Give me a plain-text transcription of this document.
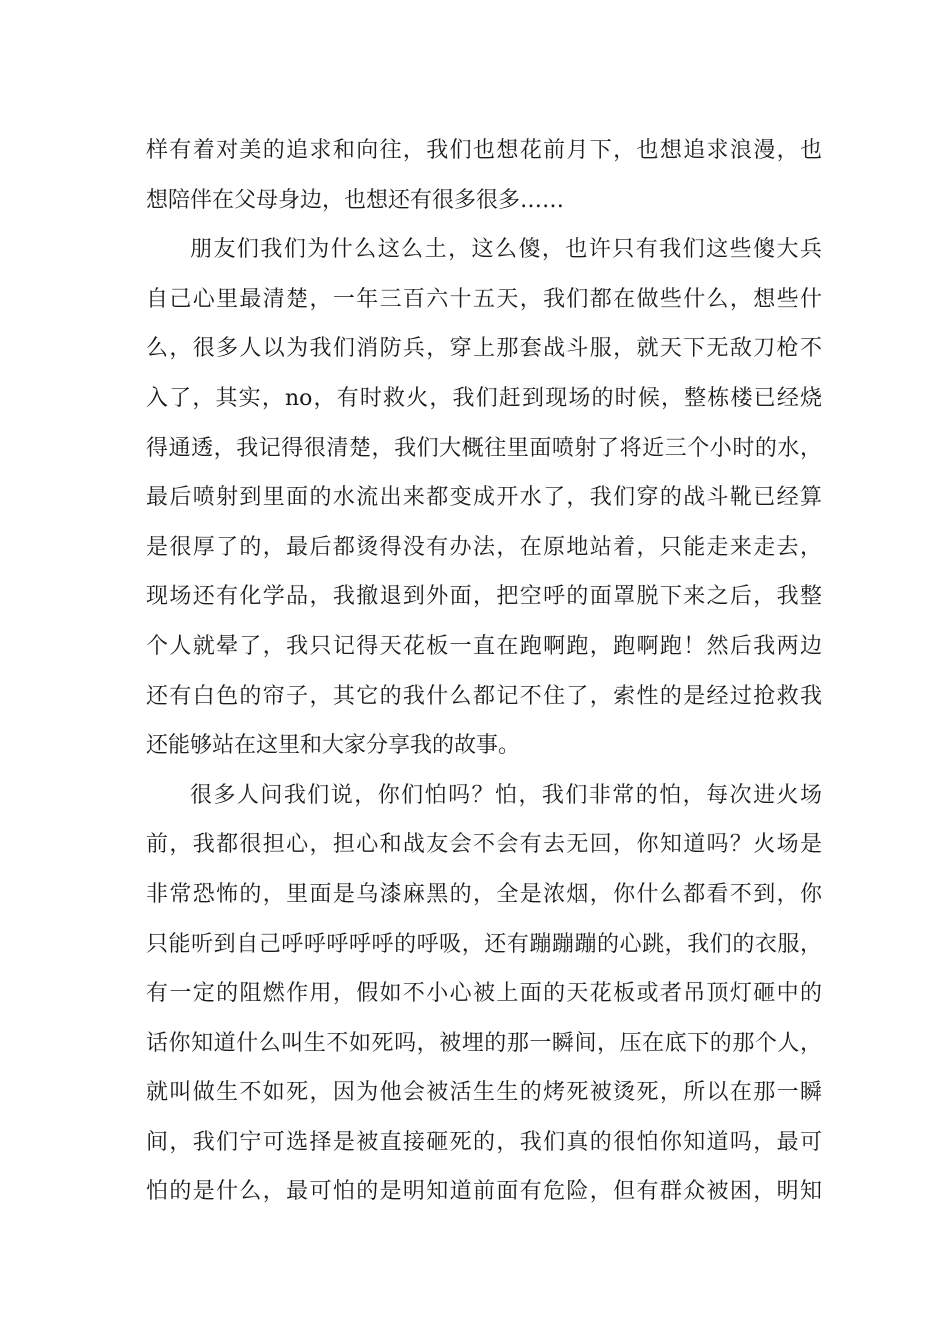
样有着对美的追求和向往，我们也想花前月下，也想追求浪漫，也
想陪伴在父母身边，也想还有很多很多……
朋友们我们为什么这么土，这么傻，也许只有我们这些傻大兵
自己心里最清楚，一年三百六十五天，我们都在做些什么，想些什
么，很多人以为我们消防兵，穿上那套战斗服，就天下无敌刀枪不
入了，其实，no，有时救火，我们赶到现场的时候，整栋楼已经烧
得通透，我记得很清楚，我们大概往里面喷射了将近三个小时的水，
最后喷射到里面的水流出来都变成开水了，我们穿的战斗靴已经算
是很厚了的，最后都烫得没有办法，在原地站着，只能走来走去，
现场还有化学品，我撤退到外面，把空呼的面罩脱下来之后，我整
个人就晕了，我只记得天花板一直在跑啊跑，跑啊跑！然后我两边
还有白色的帘子，其它的我什么都记不住了，索性的是经过抢救我
还能够站在这里和大家分享我的故事。
很多人问我们说，你们怕吗？怕，我们非常的怕，每次进火场
前，我都很担心，担心和战友会不会有去无回，你知道吗？火场是
非常恐怖的，里面是乌漆麻黑的，全是浓烟，你什么都看不到，你
只能听到自己呼呼呼呼呼的呼吸，还有蹦蹦蹦的心跳，我们的衣服，
有一定的阻燃作用，假如不小心被上面的天花板或者吊顶灯砸中的
话你知道什么叫生不如死吗，被埋的那一瞬间，压在底下的那个人，
就叫做生不如死，因为他会被活生生的烤死被烫死，所以在那一瞬
间，我们宁可选择是被直接砸死的，我们真的很怕你知道吗，最可
怕的是什么，最可怕的是明知道前面有危险，但有群众被困，明知
